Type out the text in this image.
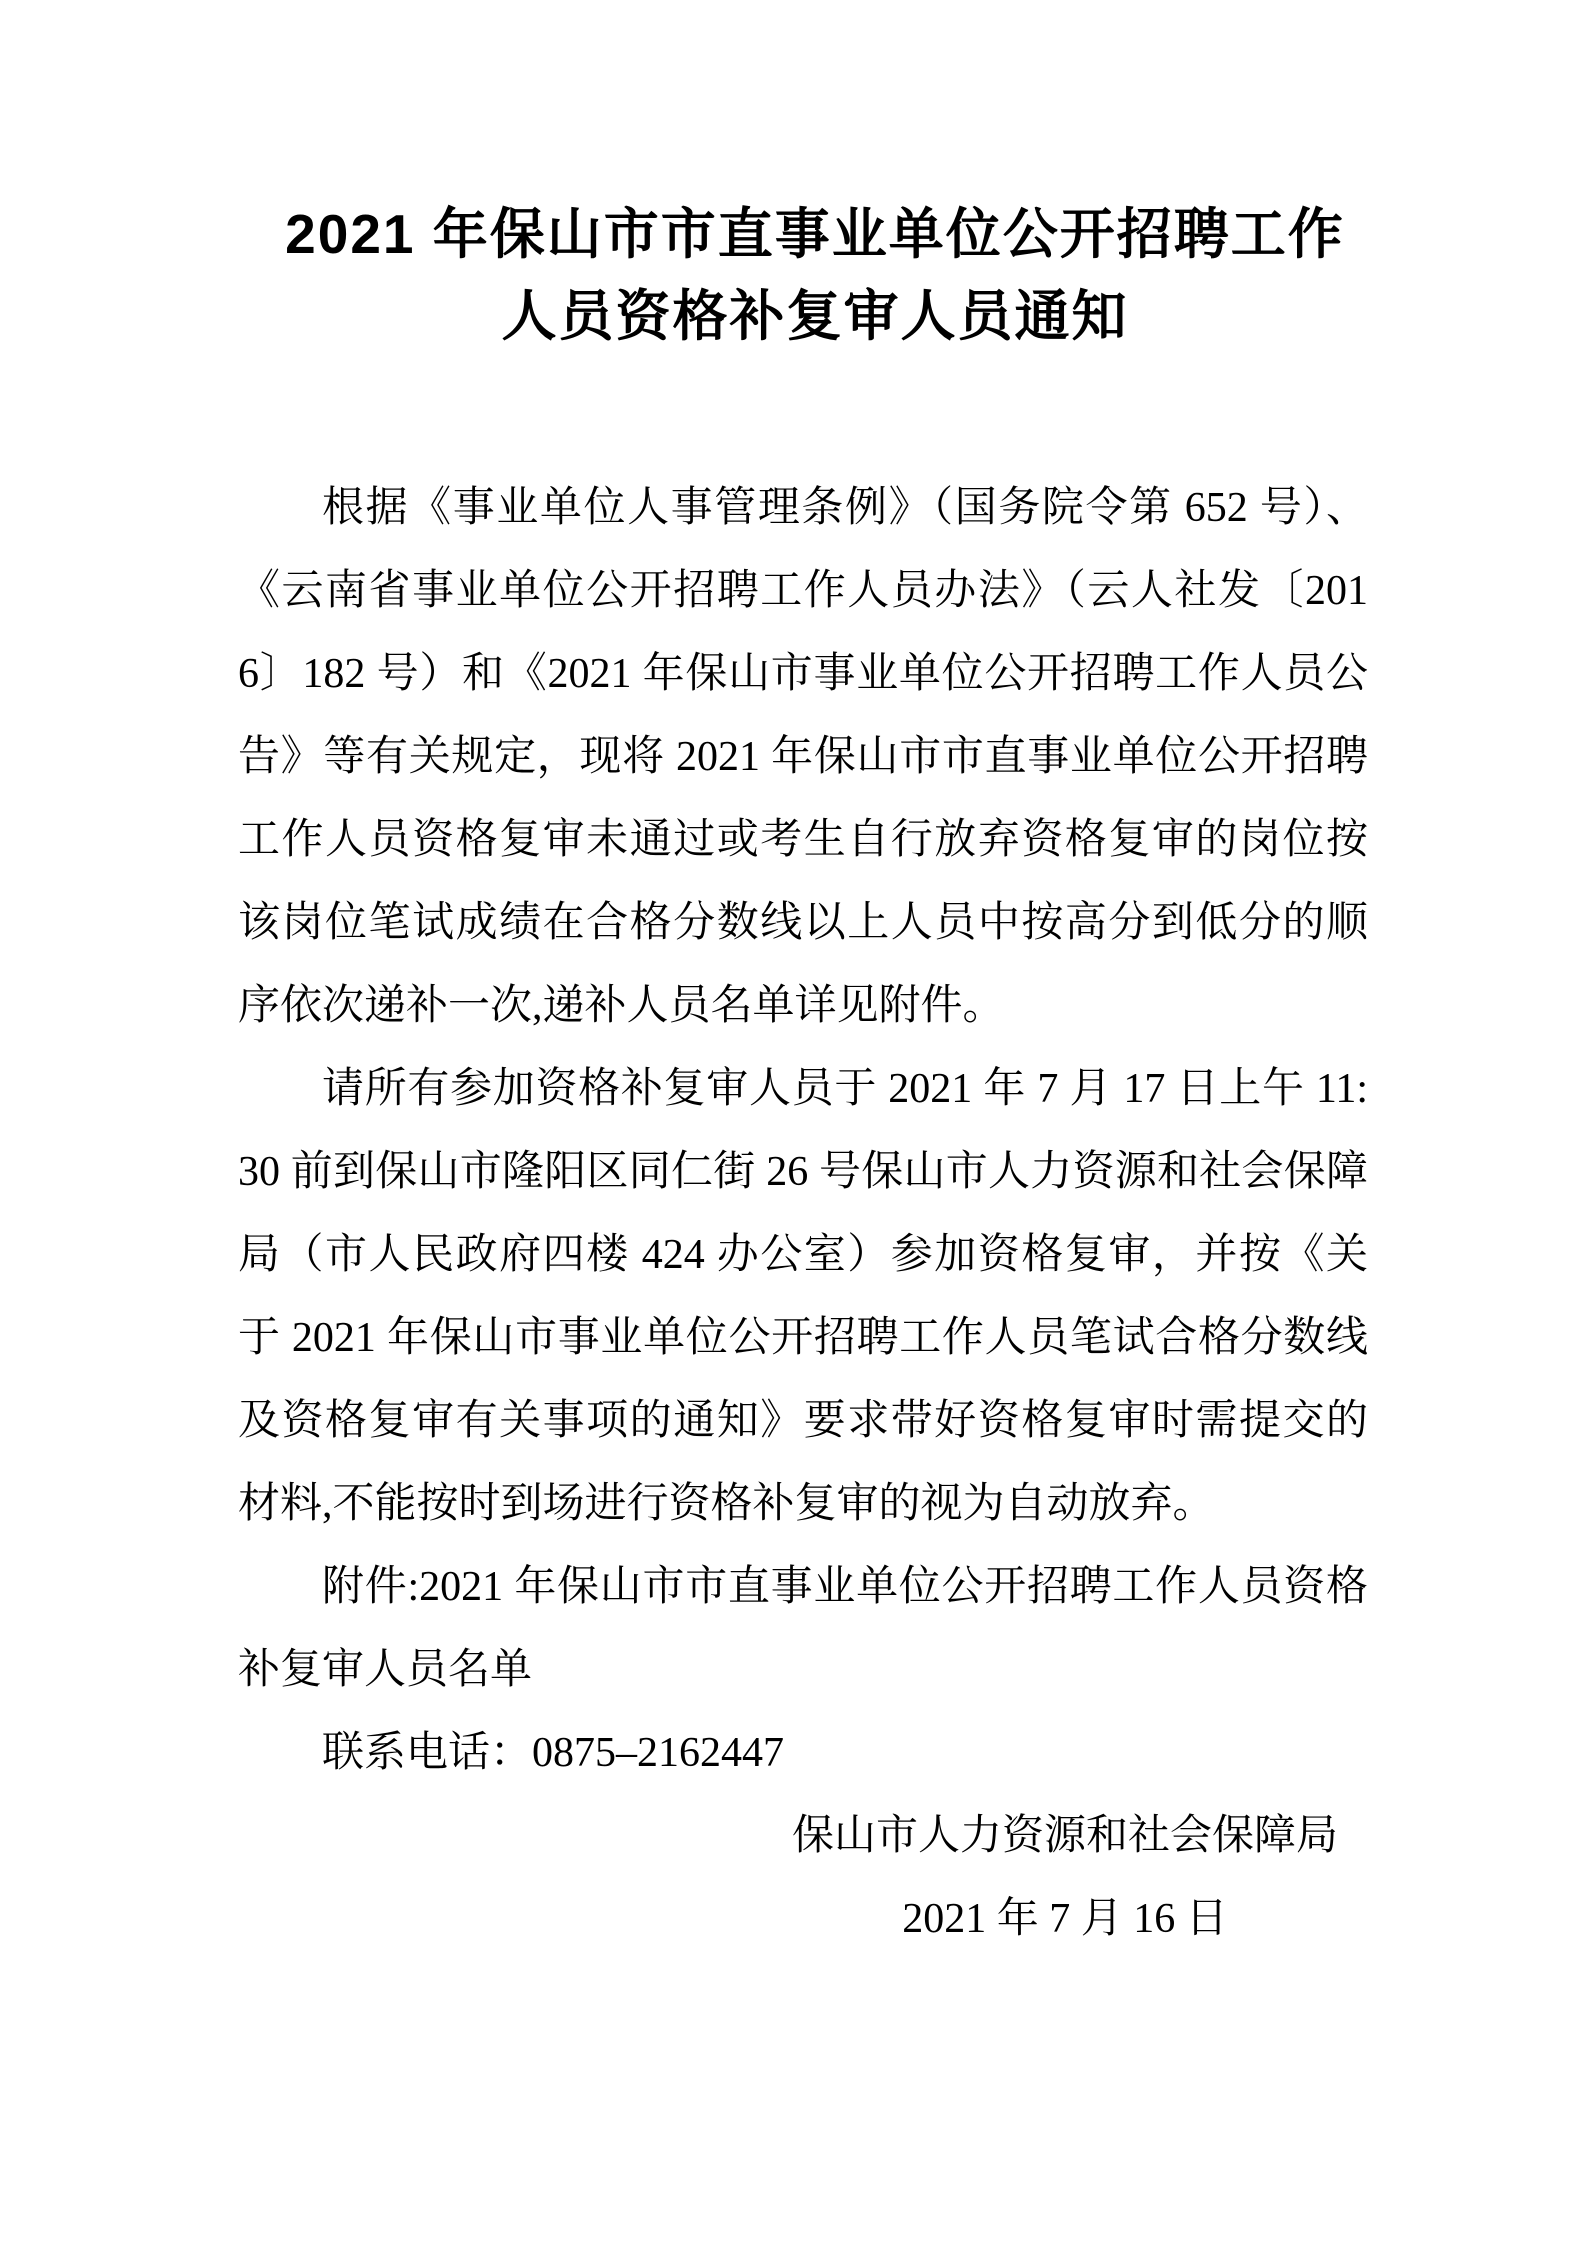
2021 年保山市市直事业单位公开招聘工作
人员资格补复审人员通知
根据《事业单位人事管理条例》（国务院令第 652 号）、
《云南省事业单位公开招聘工作人员办法》（云人社发〔201
6〕182 号）和《2021 年保山市事业单位公开招聘工作人员公
告》等有关规定，现将 2021 年保山市市直事业单位公开招聘
工作人员资格复审未通过或考生自行放弃资格复审的岗位按
该岗位笔试成绩在合格分数线以上人员中按高分到低分的顺
序依次递补一次,递补人员名单详见附件。
请所有参加资格补复审人员于 2021 年 7 月 17 日上午 11:
30 前到保山市隆阳区同仁街 26 号保山市人力资源和社会保障
局（市人民政府四楼 424 办公室）参加资格复审，并按《关
于 2021 年保山市事业单位公开招聘工作人员笔试合格分数线
及资格复审有关事项的通知》要求带好资格复审时需提交的
材料,不能按时到场进行资格补复审的视为自动放弃。
附件:2021 年保山市市直事业单位公开招聘工作人员资格
补复审人员名单
联系电话：0875–2162447
保山市人力资源和社会保障局
2021 年 7 月 16 日
